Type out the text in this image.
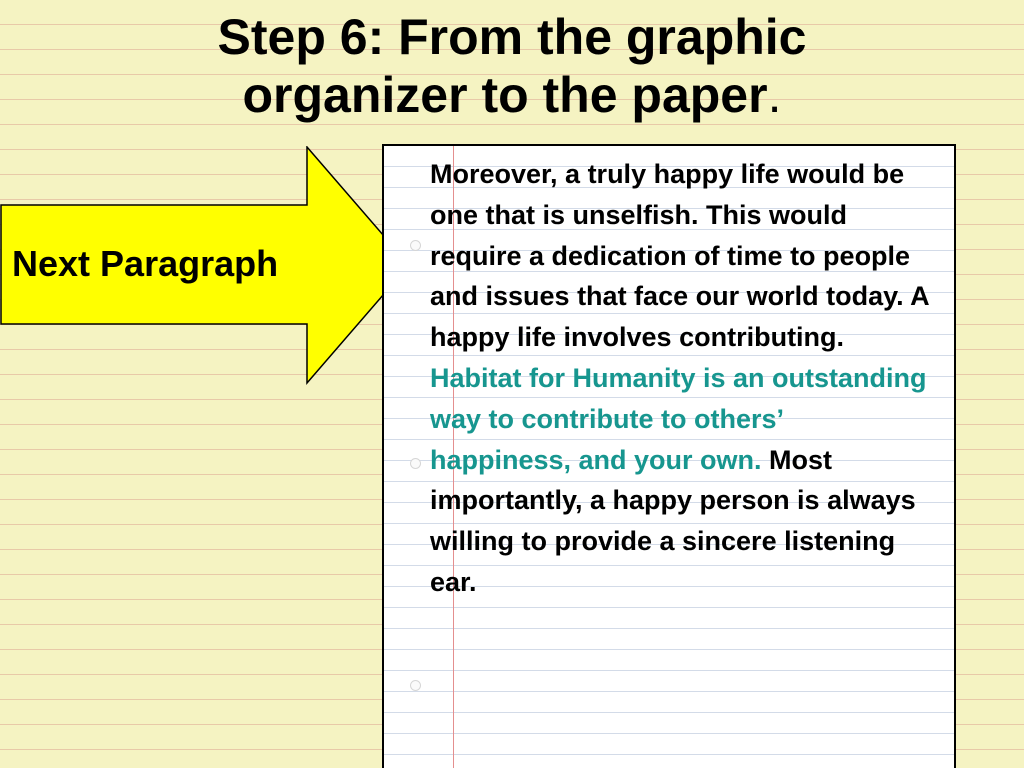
Step 6: From the graphic
organizer to the paper.
Next Paragraph

Moreover, a truly happy life would be one that is unselfish. This would require a dedication of time to people and issues that face our world today. A happy life involves contributing. Habitat for Humanity is an outstanding way to contribute to others’ happiness, and your own. Most importantly, a happy person is always willing to provide a sincere listening ear.
